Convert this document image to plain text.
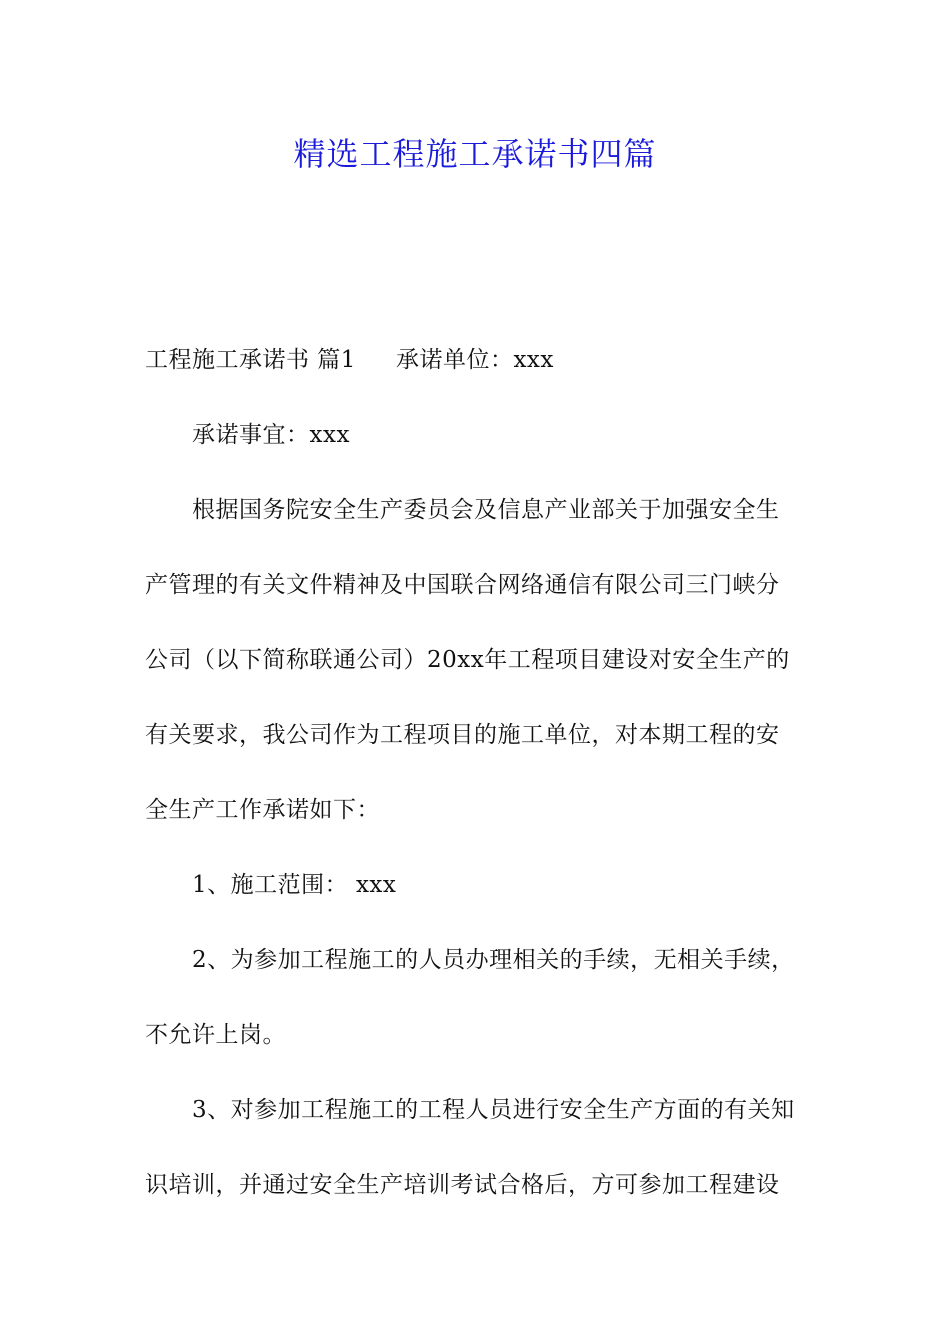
精选工程施工承诺书四篇
工程施工承诺书 篇1 承诺单位：xxx
承诺事宜：xxx
根据国务院安全生产委员会及信息产业部关于加强安全生
产管理的有关文件精神及中国联合网络通信有限公司三门峡分
公司（以下简称联通公司）20xx年工程项目建设对安全生产的
有关要求，我公司作为工程项目的施工单位，对本期工程的安
全生产工作承诺如下：
1、施工范围： xxx
2、为参加工程施工的人员办理相关的手续，无相关手续，
不允许上岗。
3、对参加工程施工的工程人员进行安全生产方面的有关知
识培训，并通过安全生产培训考试合格后，方可参加工程建设
